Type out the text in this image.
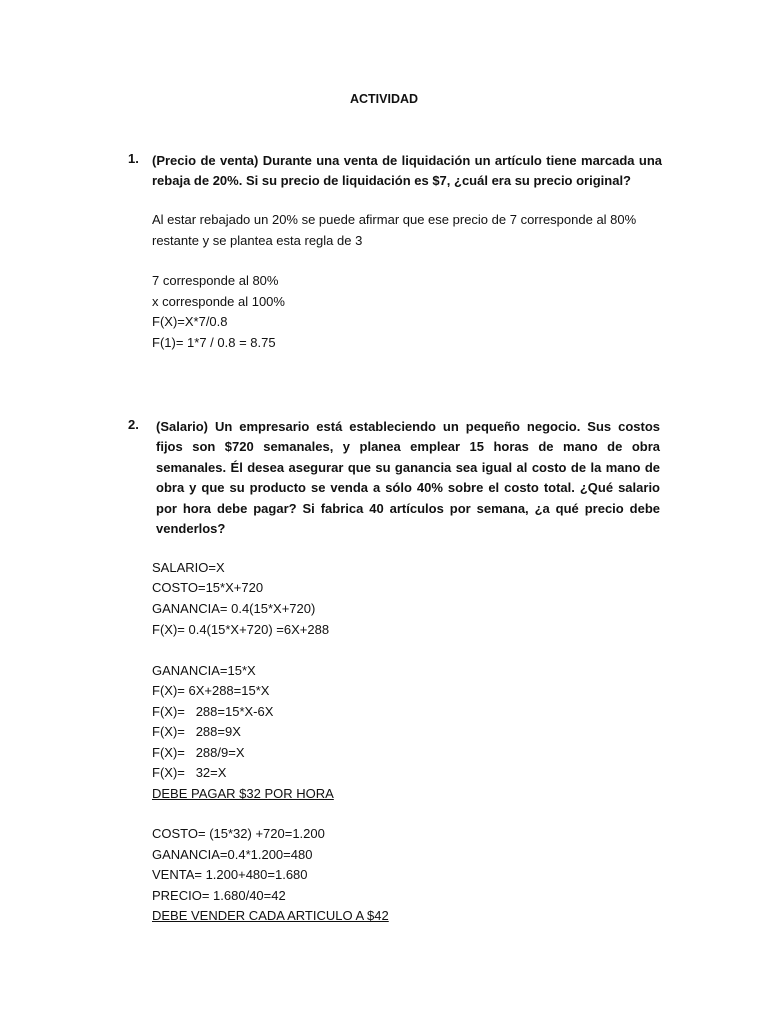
ACTIVIDAD
1. (Precio de venta) Durante una venta de liquidación un artículo tiene marcada una rebaja de 20%. Si su precio de liquidación es $7, ¿cuál era su precio original?
Al estar rebajado un 20% se puede afirmar que ese precio de 7 corresponde al 80%
restante y se plantea esta regla de 3
7 corresponde al 80%
x corresponde al 100%
F(X)=X*7/0.8
F(1)= 1*7 / 0.8 = 8.75
2. (Salario) Un empresario está estableciendo un pequeño negocio. Sus costos fijos son $720 semanales, y planea emplear 15 horas de mano de obra semanales. Él desea asegurar que su ganancia sea igual al costo de la mano de obra y que su producto se venda a sólo 40% sobre el costo total. ¿Qué salario por hora debe pagar? Si fabrica 40 artículos por semana, ¿a qué precio debe venderlos?
SALARIO=X
COSTO=15*X+720
GANANCIA= 0.4(15*X+720)
F(X)= 0.4(15*X+720) =6X+288
GANANCIA=15*X
F(X)= 6X+288=15*X
F(X)=   288=15*X-6X
F(X)=   288=9X
F(X)=   288/9=X
F(X)=   32=X
DEBE PAGAR $32 POR HORA
COSTO= (15*32) +720=1.200
GANANCIA=0.4*1.200=480
VENTA= 1.200+480=1.680
PRECIO= 1.680/40=42
DEBE VENDER CADA ARTICULO A $42
